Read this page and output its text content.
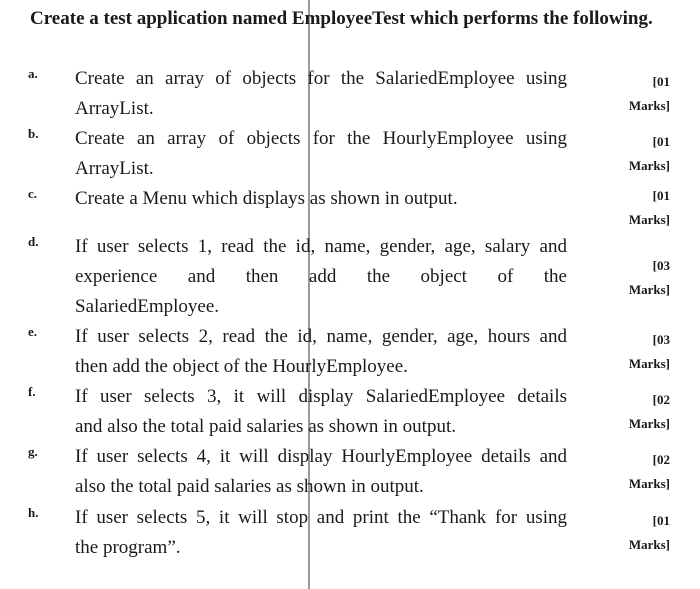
Create a test application named EmployeeTest which performs the following.
a. Create an array of objects for the SalariedEmployee using
ArrayList.
[01
Marks]
b. Create an array of objects for the HourlyEmployee using
ArrayList.
[01
Marks]
c. Create a Menu which displays as shown in output.	[01
Marks]
d. If user selects 1, read the id, name, gender, age, salary and
experience and then add the object of the
SalariedEmployee.
[03
Marks]
e. If user selects 2, read the id, name, gender, age, hours and
then add the object of the HourlyEmployee.
[03
Marks]
f. If user selects 3, it will display SalariedEmployee details
and also the total paid salaries as shown in output.
[02
Marks]
g. If user selects 4, it will display HourlyEmployee details and
also the total paid salaries as shown in output.
[02
Marks]
h. If user selects 5, it will stop and print the “Thank for using
the program”.
[01
Marks]
